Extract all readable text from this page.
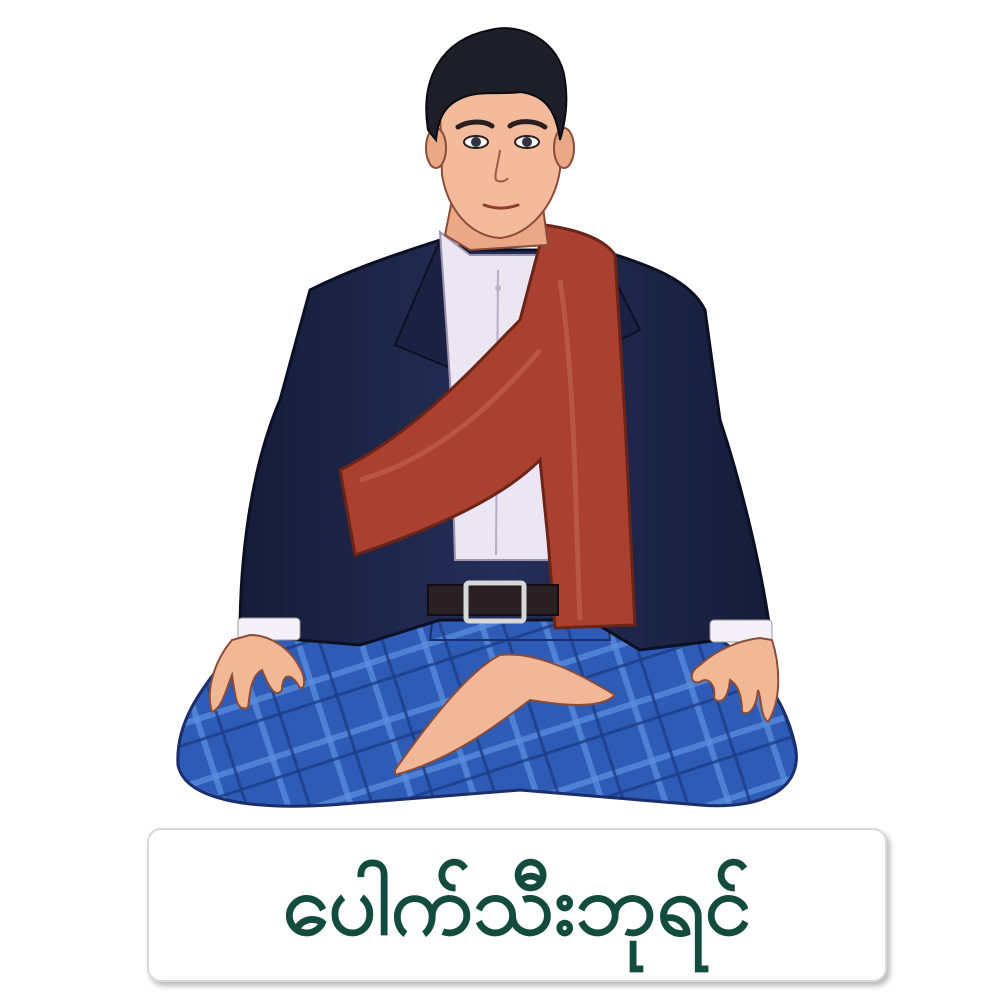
ပေါက်သီးဘုရင်
